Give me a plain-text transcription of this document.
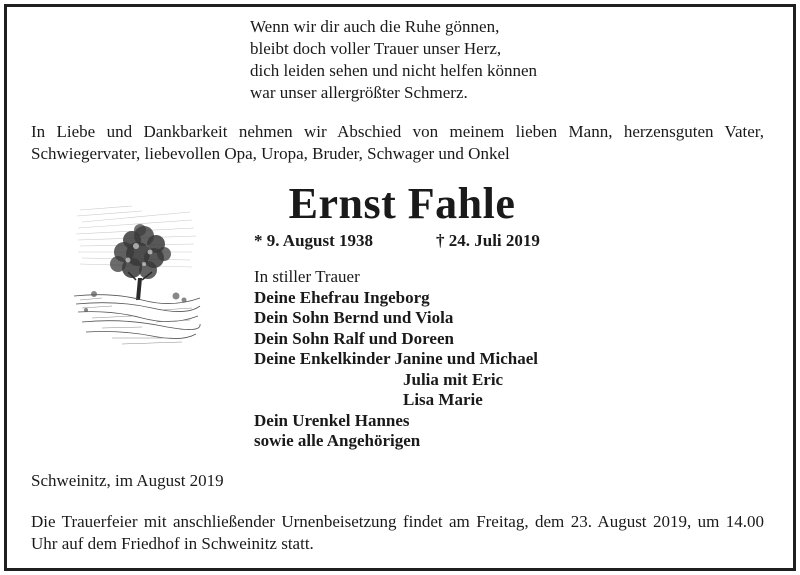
Wenn wir dir auch die Ruhe gönnen,
bleibt doch voller Trauer unser Herz,
dich leiden sehen und nicht helfen können
war unser allergrößter Schmerz.
In Liebe und Dankbarkeit nehmen wir Abschied von meinem lieben Mann, herzensguten Vater, Schwiegervater, liebevollen Opa, Uropa, Bruder, Schwager und Onkel
Ernst Fahle
* 9. August 1938	† 24. Juli 2019
In stiller Trauer
Deine Ehefrau Ingeborg
Dein Sohn Bernd und Viola
Dein Sohn Ralf und Doreen
Deine Enkelkinder Janine und Michael
Julia mit Eric
Lisa Marie
Dein Urenkel Hannes
sowie alle Angehörigen
Schweinitz, im August 2019
Die Trauerfeier mit anschließender Urnenbeisetzung findet am Freitag, dem 23. August 2019, um 14.00 Uhr auf dem Friedhof in Schweinitz statt.
